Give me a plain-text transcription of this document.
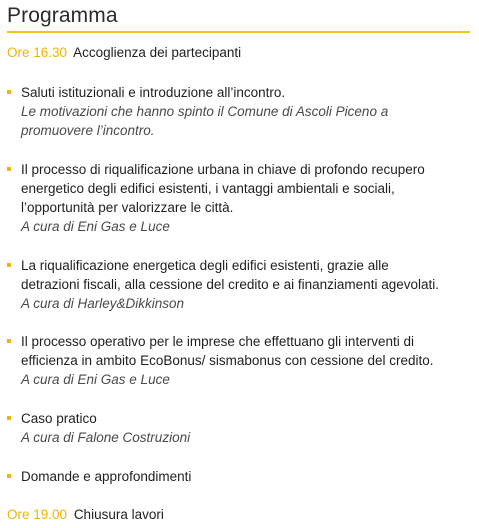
Programma
Ore 16.30 Accoglienza dei partecipanti
Saluti istituzionali e introduzione all’incontro.
Le motivazioni che hanno spinto il Comune di Ascoli Piceno a
promuovere l’incontro.
Il processo di riqualificazione urbana in chiave di profondo recupero
energetico degli edifici esistenti, i vantaggi ambientali e sociali,
l’opportunità per valorizzare le città.
A cura di Eni Gas e Luce
La riqualificazione energetica degli edifici esistenti, grazie alle
detrazioni fiscali, alla cessione del credito e ai finanziamenti agevolati.
A cura di Harley&Dikkinson
Il processo operativo per le imprese che effettuano gli interventi di
efficienza in ambito EcoBonus/ sismabonus con cessione del credito.
A cura di Eni Gas e Luce
Caso pratico
A cura di Falone Costruzioni
Domande e approfondimenti
Ore 19.00 Chiusura lavori
